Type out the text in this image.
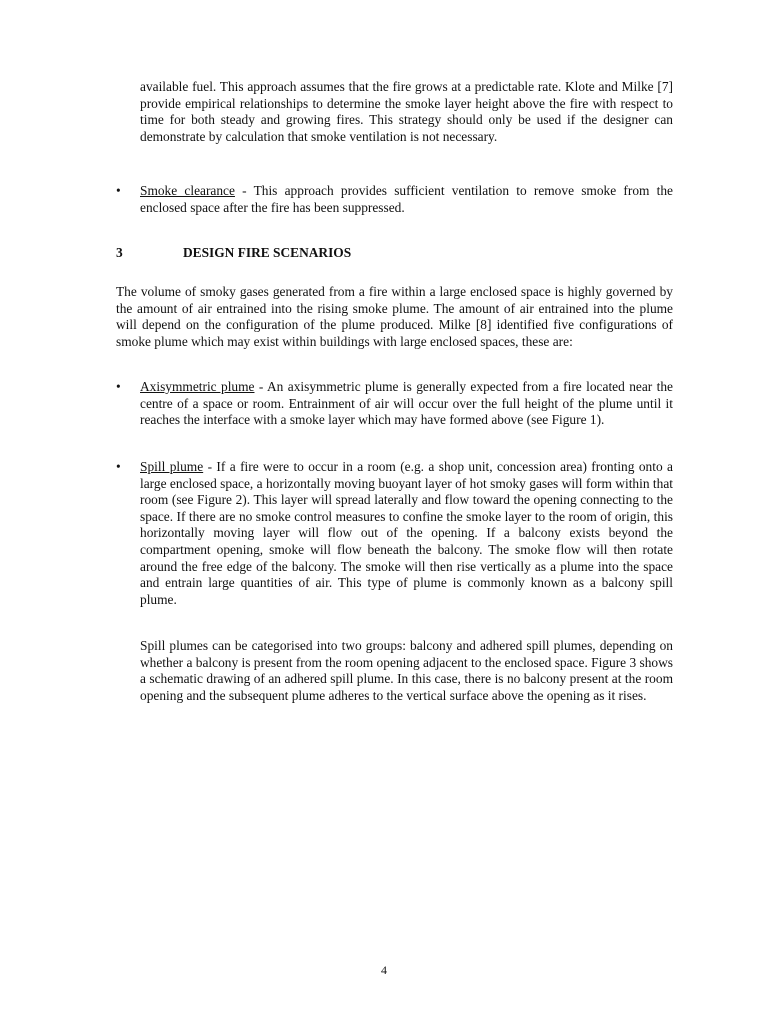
available fuel. This approach assumes that the fire grows at a predictable rate. Klote and Milke [7] provide empirical relationships to determine the smoke layer height above the fire with respect to time for both steady and growing fires. This strategy should only be used if the designer can demonstrate by calculation that smoke ventilation is not necessary.

•	Smoke clearance - This approach provides sufficient ventilation to remove smoke from the enclosed space after the fire has been suppressed.

3	DESIGN FIRE SCENARIOS

The volume of smoky gases generated from a fire within a large enclosed space is highly governed by the amount of air entrained into the rising smoke plume. The amount of air entrained into the plume will depend on the configuration of the plume produced. Milke [8] identified five configurations of smoke plume which may exist within buildings with large enclosed spaces, these are:

•	Axisymmetric plume - An axisymmetric plume is generally expected from a fire located near the centre of a space or room. Entrainment of air will occur over the full height of the plume until it reaches the interface with a smoke layer which may have formed above (see Figure 1).

•	Spill plume - If a fire were to occur in a room (e.g. a shop unit, concession area) fronting onto a large enclosed space, a horizontally moving buoyant layer of hot smoky gases will form within that room (see Figure 2). This layer will spread laterally and flow toward the opening connecting to the space. If there are no smoke control measures to confine the smoke layer to the room of origin, this horizontally moving layer will flow out of the opening. If a balcony exists beyond the compartment opening, smoke will flow beneath the balcony. The smoke flow will then rotate around the free edge of the balcony. The smoke will then rise vertically as a plume into the space and entrain large quantities of air. This type of plume is commonly known as a balcony spill plume.

Spill plumes can be categorised into two groups: balcony and adhered spill plumes, depending on whether a balcony is present from the room opening adjacent to the enclosed space. Figure 3 shows a schematic drawing of an adhered spill plume. In this case, there is no balcony present at the room opening and the subsequent plume adheres to the vertical surface above the opening as it rises.

4
